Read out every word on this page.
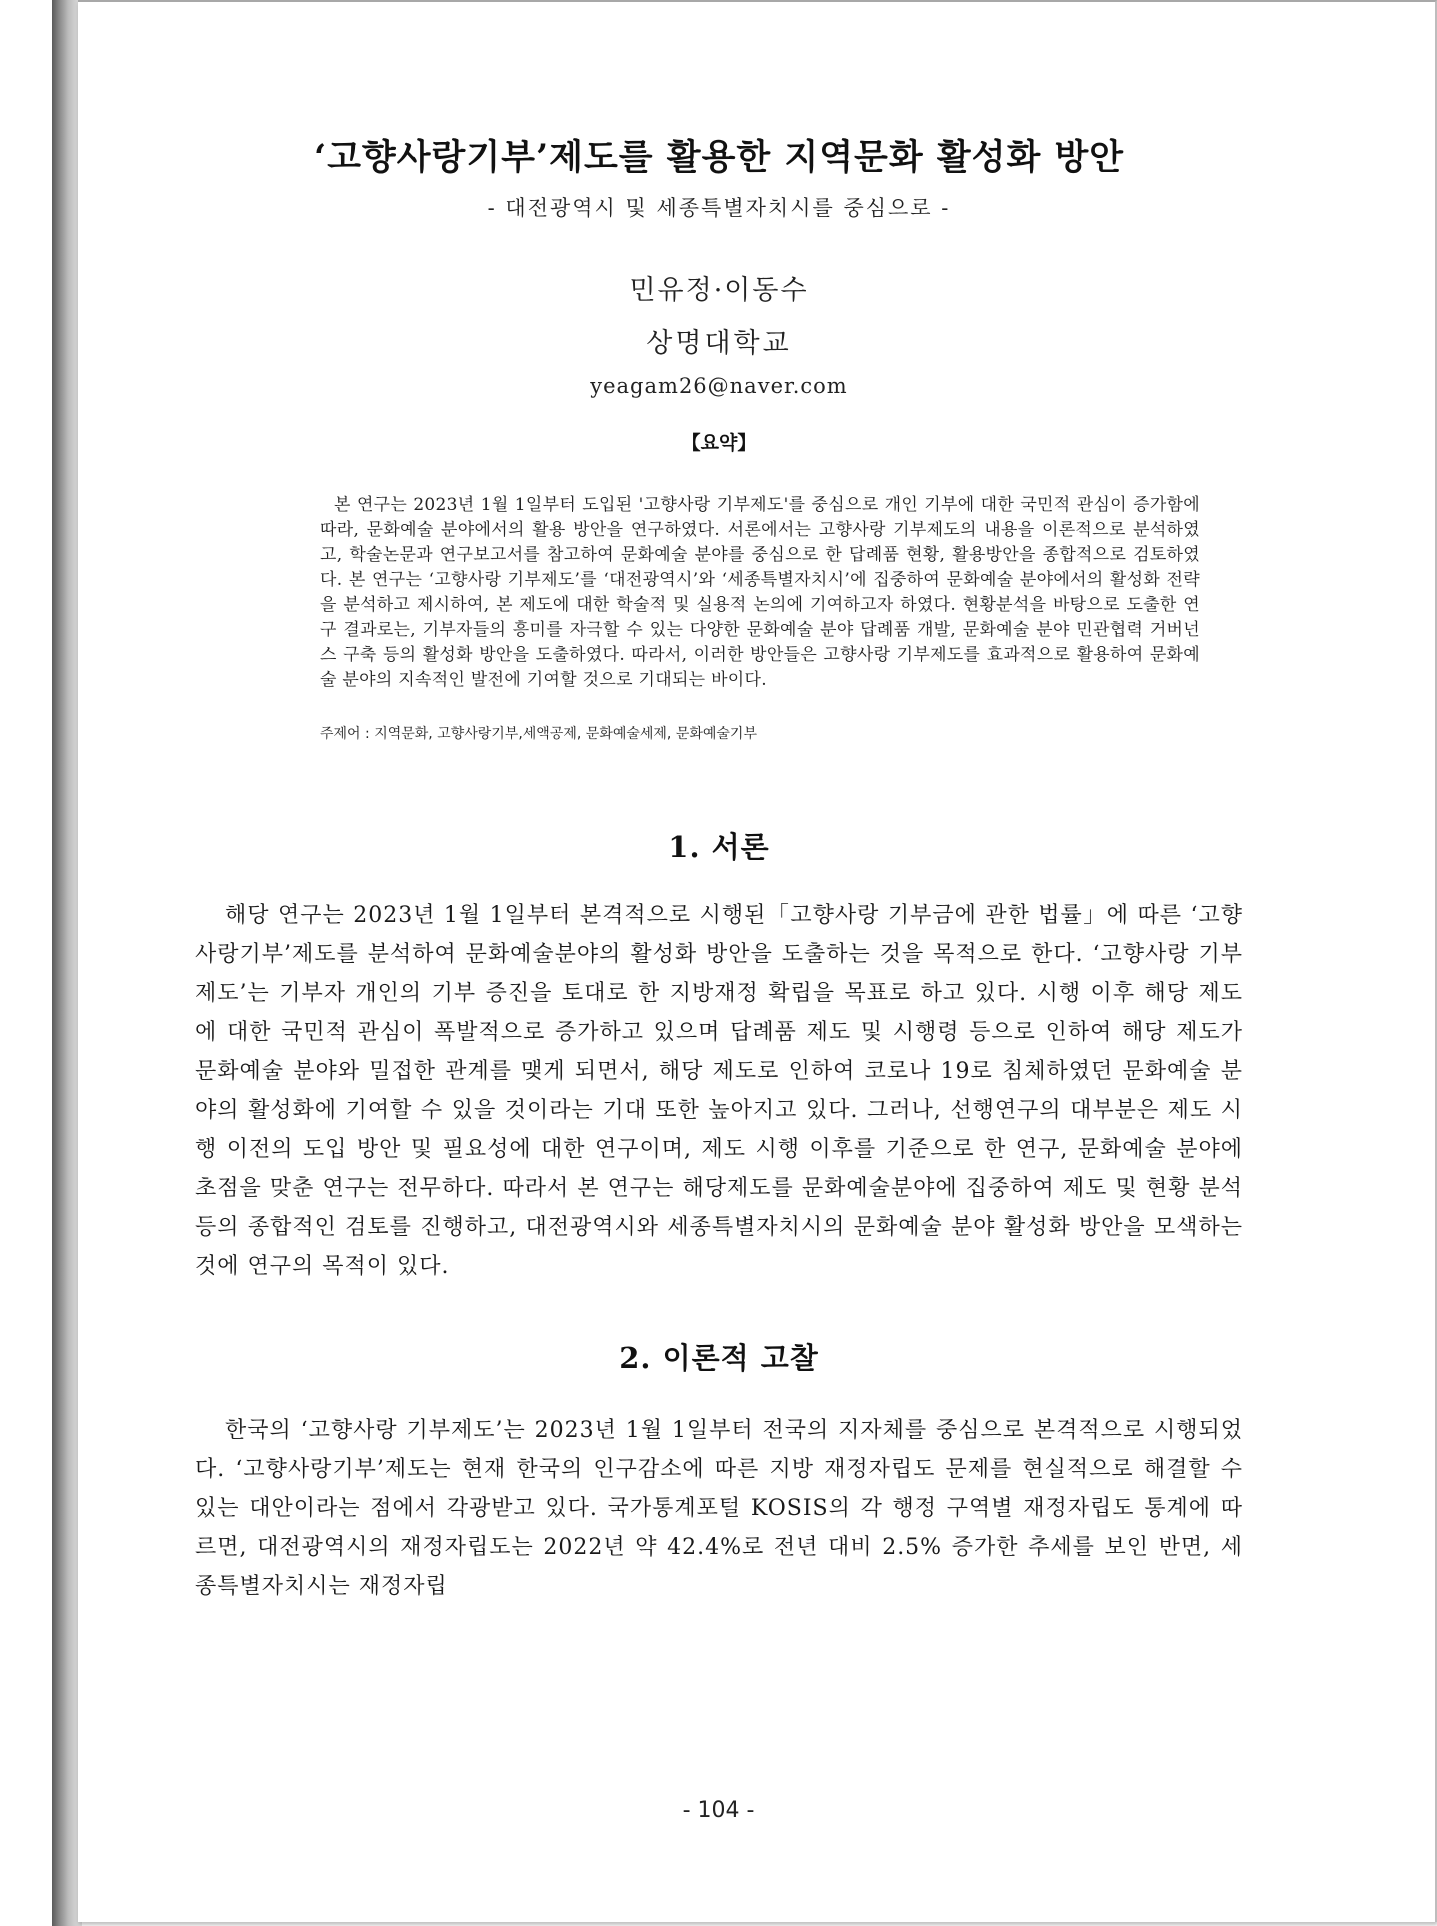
‘고향사랑기부’제도를 활용한 지역문화 활성화 방안
- 대전광역시 및 세종특별자치시를 중심으로 -
민유정·이동수
상명대학교
yeagam26@naver.com
【요약】

본 연구는 2023년 1월 1일부터 도입된 '고향사랑 기부제도'를 중심으로 개인 기부에 대한 국민적 관심이 증가함에 따라, 문화예술 분야에서의 활용 방안을 연구하였다. 서론에서는 고향사랑 기부제도의 내용을 이론적으로 분석하였고, 학술논문과 연구보고서를 참고하여 문화예술 분야를 중심으로 한 답례품 현황, 활용방안을 종합적으로 검토하였다. 본 연구는 ‘고향사랑 기부제도’를 ‘대전광역시’와 ‘세종특별자치시’에 집중하여 문화예술 분야에서의 활성화 전략을 분석하고 제시하여, 본 제도에 대한 학술적 및 실용적 논의에 기여하고자 하였다. 현황분석을 바탕으로 도출한 연구 결과로는, 기부자들의 흥미를 자극할 수 있는 다양한 문화예술 분야 답례품 개발, 문화예술 분야 민관협력 거버넌스 구축 등의 활성화 방안을 도출하였다. 따라서, 이러한 방안들은 고향사랑 기부제도를 효과적으로 활용하여 문화예술 분야의 지속적인 발전에 기여할 것으로 기대되는 바이다.

주제어 : 지역문화, 고향사랑기부,세액공제, 문화예술세제, 문화예술기부
1. 서론

해당 연구는 2023년 1월 1일부터 본격적으로 시행된「고향사랑 기부금에 관한 법률」에 따른 ‘고향사랑기부’제도를 분석하여 문화예술분야의 활성화 방안을 도출하는 것을 목적으로 한다. ‘고향사랑 기부제도’는 기부자 개인의 기부 증진을 토대로 한 지방재정 확립을 목표로 하고 있다. 시행 이후 해당 제도에 대한 국민적 관심이 폭발적으로 증가하고 있으며 답례품 제도 및 시행령 등으로 인하여 해당 제도가 문화예술 분야와 밀접한 관계를 맺게 되면서, 해당 제도로 인하여 코로나 19로 침체하였던 문화예술 분야의 활성화에 기여할 수 있을 것이라는 기대 또한 높아지고 있다. 그러나, 선행연구의 대부분은 제도 시행 이전의 도입 방안 및 필요성에 대한 연구이며, 제도 시행 이후를 기준으로 한 연구, 문화예술 분야에 초점을 맞춘 연구는 전무하다. 따라서 본 연구는 해당제도를 문화예술분야에 집중하여 제도 및 현황 분석등의 종합적인 검토를 진행하고, 대전광역시와 세종특별자치시의 문화예술 분야 활성화 방안을 모색하는것에 연구의 목적이 있다.

2. 이론적 고찰

한국의 ‘고향사랑 기부제도’는 2023년 1월 1일부터 전국의 지자체를 중심으로 본격적으로 시행되었다. ‘고향사랑기부’제도는 현재 한국의 인구감소에 따른 지방 재정자립도 문제를 현실적으로 해결할 수 있는 대안이라는 점에서 각광받고 있다. 국가통계포털 KOSIS의 각 행정 구역별 재정자립도 통계에 따르면, 대전광역시의 재정자립도는 2022년 약 42.4%로 전년 대비 2.5% 증가한 추세를 보인 반면, 세종특별자치시는 재정자립

- 104 -
